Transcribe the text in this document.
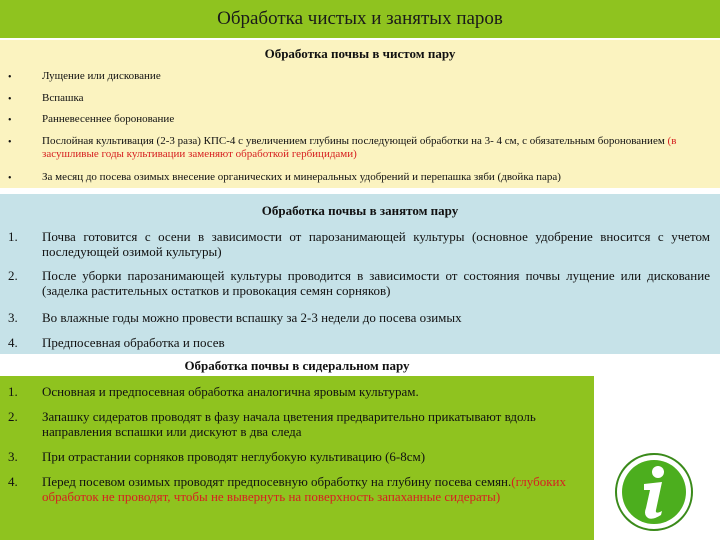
Обработка чистых и занятых паров
Обработка почвы в чистом пару
•	Лущение или дискование
•	Вспашка
•	Ранневесеннее боронование
•	Послойная культивация (2-3 раза) КПС-4 с увеличением глубины последующей обработки на 3- 4 см, с обязательным боронованием (в засушливые годы культивации заменяют обработкой гербицидами)
•	За месяц до посева озимых внесение органических и минеральных удобрений и перепашка зяби (двойка пара)
Обработка почвы в занятом пару
1. Почва готовится с осени в зависимости от парозанимающей культуры (основное удобрение вносится с учетом последующей озимой культуры)
2. После уборки парозанимающей культуры проводится в зависимости от состояния почвы лущение или дискование (заделка растительных остатков и провокация семян сорняков)
3. Во влажные годы можно провести вспашку за 2-3 недели до посева озимых
4. Предпосевная обработка и посев
Обработка почвы в сидеральном пару
1. Основная и предпосевная обработка аналогична яровым культурам.
2. Запашку сидератов проводят в фазу начала цветения предварительно прикатывают вдоль направления вспашки или дискуют в два следа
3. При отрастании сорняков проводят неглубокую культивацию (6-8см)
4. Перед посевом озимых проводят предпосевную обработку на глубину посева семян.(глубоких обработок не проводят, чтобы не вывернуть на поверхность запаханные сидераты)
